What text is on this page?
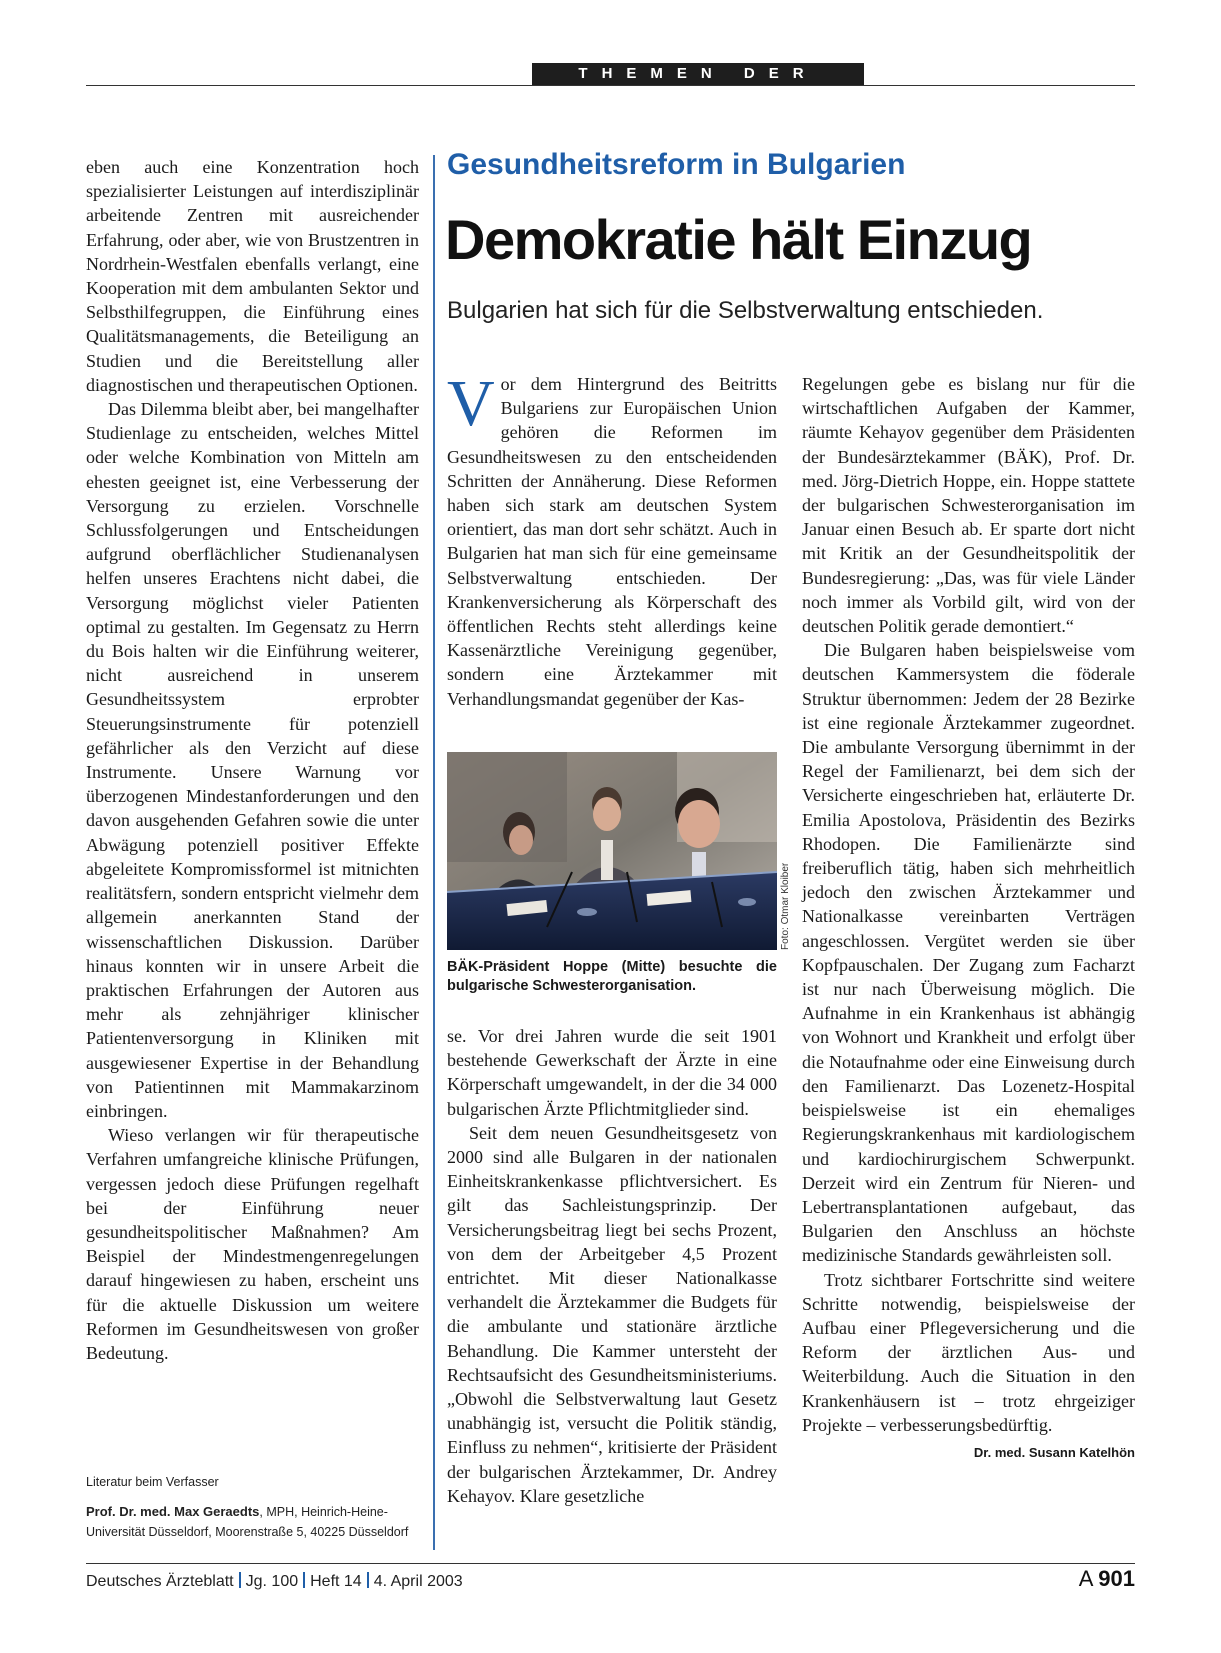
THEMEN DER ZEIT

eben auch eine Konzentration hoch spezialisierter Leistungen auf interdisziplinär arbeitende Zentren mit ausreichender Erfahrung, oder aber, wie von Brustzentren in Nordrhein-Westfalen ebenfalls verlangt, eine Kooperation mit dem ambulanten Sektor und Selbsthilfegruppen, die Einführung eines Qualitätsmanagements, die Beteiligung an Studien und die Bereitstellung aller diagnostischen und therapeutischen Optionen.

Das Dilemma bleibt aber, bei mangelhafter Studienlage zu entscheiden, welches Mittel oder welche Kombination von Mitteln am ehesten geeignet ist, eine Verbesserung der Versorgung zu erzielen. Vorschnelle Schlussfolgerungen und Entscheidungen aufgrund oberflächlicher Studienanalysen helfen unseres Erachtens nicht dabei, die Versorgung möglichst vieler Patienten optimal zu gestalten. Im Gegensatz zu Herrn du Bois halten wir die Einführung weiterer, nicht ausreichend in unserem Gesundheitssystem erprobter Steuerungsinstrumente für potenziell gefährlicher als den Verzicht auf diese Instrumente. Unsere Warnung vor überzogenen Mindestanforderungen und den davon ausgehenden Gefahren sowie die unter Abwägung potenziell positiver Effekte abgeleitete Kompromissformel ist mitnichten realitätsfern, sondern entspricht vielmehr dem allgemein anerkannten Stand der wissenschaftlichen Diskussion. Darüber hinaus konnten wir in unsere Arbeit die praktischen Erfahrungen der Autoren aus mehr als zehnjähriger klinischer Patientenversorgung in Kliniken mit ausgewiesener Expertise in der Behandlung von Patientinnen mit Mammakarzinom einbringen.

Wieso verlangen wir für therapeutische Verfahren umfangreiche klinische Prüfungen, vergessen jedoch diese Prüfungen regelhaft bei der Einführung neuer gesundheitspolitischer Maßnahmen? Am Beispiel der Mindestmengenregelungen darauf hingewiesen zu haben, erscheint uns für die aktuelle Diskussion um weitere Reformen im Gesundheitswesen von großer Bedeutung.

Literatur beim Verfasser
Prof. Dr. med. Max Geraedts, MPH, Heinrich-Heine-Universität Düsseldorf, Moorenstraße 5, 40225 Düsseldorf
Gesundheitsreform in Bulgarien
Demokratie hält Einzug
Bulgarien hat sich für die Selbstverwaltung entschieden.

Vor dem Hintergrund des Beitritts Bulgariens zur Europäischen Union gehören die Reformen im Gesundheitswesen zu den entscheidenden Schritten der Annäherung. Diese Reformen haben sich stark am deutschen System orientiert, das man dort sehr schätzt. Auch in Bulgarien hat man sich für eine gemeinsame Selbstverwaltung entschieden. Der Krankenversicherung als Körperschaft des öffentlichen Rechts steht allerdings keine Kassenärztliche Vereinigung gegenüber, sondern eine Ärztekammer mit Verhandlungsmandat gegenüber der Kas-

Foto: Otmar Kloiber
BÄK-Präsident Hoppe (Mitte) besuchte die bulgarische Schwesterorganisation.

se. Vor drei Jahren wurde die seit 1901 bestehende Gewerkschaft der Ärzte in eine Körperschaft umgewandelt, in der die 34 000 bulgarischen Ärzte Pflichtmitglieder sind.

Seit dem neuen Gesundheitsgesetz von 2000 sind alle Bulgaren in der nationalen Einheitskrankenkasse pflichtversichert. Es gilt das Sachleistungsprinzip. Der Versicherungsbeitrag liegt bei sechs Prozent, von dem der Arbeitgeber 4,5 Prozent entrichtet. Mit dieser Nationalkasse verhandelt die Ärztekammer die Budgets für die ambulante und stationäre ärztliche Behandlung. Die Kammer untersteht der Rechtsaufsicht des Gesundheitsministeriums. „Obwohl die Selbstverwaltung laut Gesetz unabhängig ist, versucht die Politik ständig, Einfluss zu nehmen“, kritisierte der Präsident der bulgarischen Ärztekammer, Dr. Andrey Kehayov. Klare gesetzliche

Regelungen gebe es bislang nur für die wirtschaftlichen Aufgaben der Kammer, räumte Kehayov gegenüber dem Präsidenten der Bundesärztekammer (BÄK), Prof. Dr. med. Jörg-Dietrich Hoppe, ein. Hoppe stattete der bulgarischen Schwesterorganisation im Januar einen Besuch ab. Er sparte dort nicht mit Kritik an der Gesundheitspolitik der Bundesregierung: „Das, was für viele Länder noch immer als Vorbild gilt, wird von der deutschen Politik gerade demontiert.“

Die Bulgaren haben beispielsweise vom deutschen Kammersystem die föderale Struktur übernommen: Jedem der 28 Bezirke ist eine regionale Ärztekammer zugeordnet. Die ambulante Versorgung übernimmt in der Regel der Familienarzt, bei dem sich der Versicherte eingeschrieben hat, erläuterte Dr. Emilia Apostolova, Präsidentin des Bezirks Rhodopen. Die Familienärzte sind freiberuflich tätig, haben sich mehrheitlich jedoch den zwischen Ärztekammer und Nationalkasse vereinbarten Verträgen angeschlossen. Vergütet werden sie über Kopfpauschalen. Der Zugang zum Facharzt ist nur nach Überweisung möglich. Die Aufnahme in ein Krankenhaus ist abhängig von Wohnort und Krankheit und erfolgt über die Notaufnahme oder eine Einweisung durch den Familienarzt. Das Lozenetz-Hospital beispielsweise ist ein ehemaliges Regierungskrankenhaus mit kardiologischem und kardiochirurgischem Schwerpunkt. Derzeit wird ein Zentrum für Nieren- und Lebertransplantationen aufgebaut, das Bulgarien den Anschluss an höchste medizinische Standards gewährleisten soll.

Trotz sichtbarer Fortschritte sind weitere Schritte notwendig, beispielsweise der Aufbau einer Pflegeversicherung und die Reform der ärztlichen Aus- und Weiterbildung. Auch die Situation in den Krankenhäusern ist – trotz ehrgeiziger Projekte – verbesserungsbedürftig.
Dr. med. Susann Katelhön

Deutsches Ärzteblatt Jg. 100 Heft 14 4. April 2003	A 901
